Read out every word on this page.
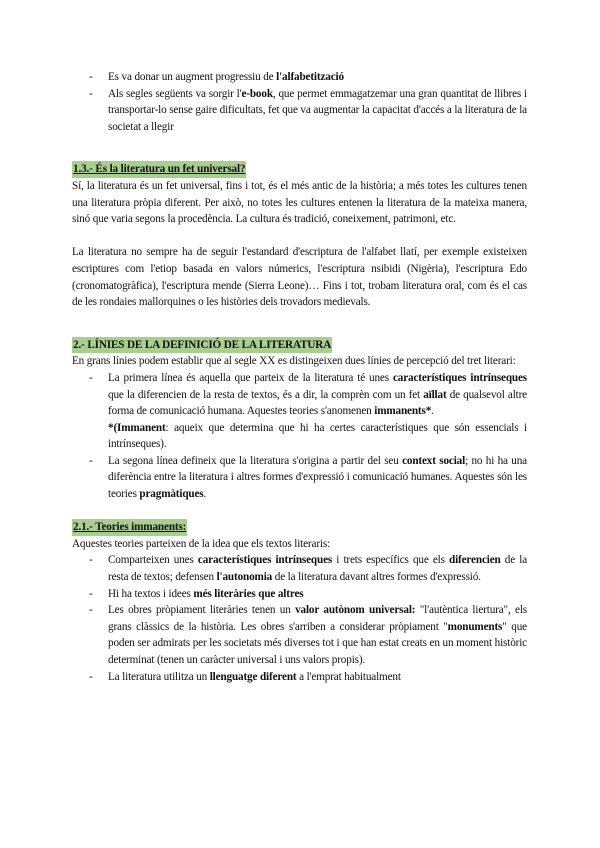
- Es va donar un augment progressiu de l'alfabetització
- Als segles següents va sorgir l'e-book, que permet emmagatzemar una gran quantitat de llibres i transportar-lo sense gaire dificultats, fet que va augmentar la capacitat d'accés a la literatura de la societat a llegir

1.3.- És la literatura un fet universal?

Sí, la literatura és un fet universal, fins i tot, és el més antic de la història; a més totes les cultures tenen una literatura pròpia diferent. Per això, no totes les cultures entenen la literatura de la mateixa manera, sinó que varia segons la procedència. La cultura és tradició, coneixement, patrimoni, etc.

La literatura no sempre ha de seguir l'estandard d'escriptura de l'alfabet llatí, per exemple existeixen escriptures com l'etiop basada en valors númerics, l'escriptura nsibidi (Nigèria), l'escriptura Edo (cronomatogràfica), l'escriptura mende (Sierra Leone)… Fins i tot, trobam literatura oral, com és el cas de les rondaies mallorquines o les històries dels trovadors medievals.

2.- LÍNIES DE LA DEFINICIÓ DE LA LITERATURA

En grans línies podem establir que al segle XX es distingeixen dues línies de percepció del tret literari:

- La primera línea és aquella que parteix de la literatura té unes característiques intrínseques que la diferencien de la resta de textos, és a dir, la comprèn com un fet aïllat de qualsevol altre forma de comunicació humana. Aquestes teories s'anomenen immanents*.
*(Immanent: aqueix que determina que hi ha certes característiques que són essencials i intrínseques).
- La segona línea defineix que la literatura s'origina a partir del seu context social; no hi ha una diferència entre la literatura i altres formes d'expressió i comunicació humanes. Aquestes són les teories pragmàtiques.

2.1.- Teories immanents:

Aquestes teories parteixen de la idea que els textos literaris:

- Comparteixen unes característiques intrínseques i trets específics que els diferencien de la resta de textos; defensen l'autonomia de la literatura davant altres formes d'expressió.
- Hi ha textos i idees més literàries que altres
- Les obres pròpiament literàries tenen un valor autònom universal: "l'autèntica liertura", els grans clàssics de la història. Les obres s'arriben a considerar pròpiament "monuments" que poden ser admirats per les societats més diverses tot i que han estat creats en un moment històric determinat (tenen un caràcter universal i uns valors propis).
- La literatura utilitza un llenguatge diferent a l'emprat habitualment
